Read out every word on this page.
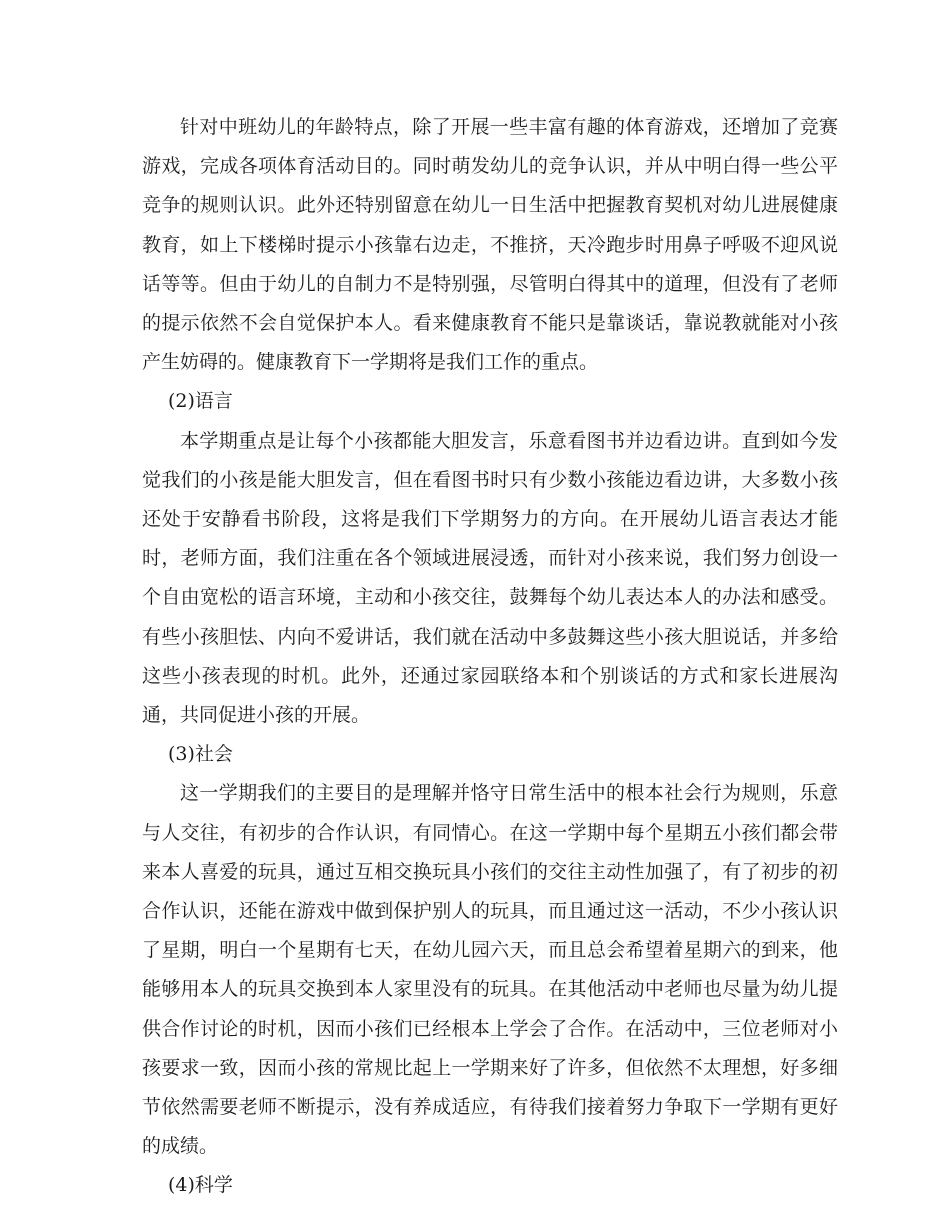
针对中班幼儿的年龄特点，除了开展一些丰富有趣的体育游戏，还增加了竞赛游戏，完成各项体育活动目的。同时萌发幼儿的竞争认识，并从中明白得一些公平竞争的规则认识。此外还特别留意在幼儿一日生活中把握教育契机对幼儿进展健康教育，如上下楼梯时提示小孩靠右边走，不推挤，天冷跑步时用鼻子呼吸不迎风说话等等。但由于幼儿的自制力不是特别强，尽管明白得其中的道理，但没有了老师的提示依然不会自觉保护本人。看来健康教育不能只是靠谈话，靠说教就能对小孩产生妨碍的。健康教育下一学期将是我们工作的重点。

(2)语言

本学期重点是让每个小孩都能大胆发言，乐意看图书并边看边讲。直到如今发觉我们的小孩是能大胆发言，但在看图书时只有少数小孩能边看边讲，大多数小孩还处于安静看书阶段，这将是我们下学期努力的方向。在开展幼儿语言表达才能时，老师方面，我们注重在各个领域进展浸透，而针对小孩来说，我们努力创设一个自由宽松的语言环境，主动和小孩交往，鼓舞每个幼儿表达本人的办法和感受。有些小孩胆怯、内向不爱讲话，我们就在活动中多鼓舞这些小孩大胆说话，并多给这些小孩表现的时机。此外，还通过家园联络本和个别谈话的方式和家长进展沟通，共同促进小孩的开展。

(3)社会

这一学期我们的主要目的是理解并恪守日常生活中的根本社会行为规则，乐意与人交往，有初步的合作认识，有同情心。在这一学期中每个星期五小孩们都会带来本人喜爱的玩具，通过互相交换玩具小孩们的交往主动性加强了，有了初步的初合作认识，还能在游戏中做到保护别人的玩具，而且通过这一活动，不少小孩认识了星期，明白一个星期有七天，在幼儿园六天，而且总会希望着星期六的到来，他能够用本人的玩具交换到本人家里没有的玩具。在其他活动中老师也尽量为幼儿提供合作讨论的时机，因而小孩们已经根本上学会了合作。在活动中，三位老师对小孩要求一致，因而小孩的常规比起上一学期来好了许多，但依然不太理想，好多细节依然需要老师不断提示，没有养成适应，有待我们接着努力争取下一学期有更好的成绩。

(4)科学
